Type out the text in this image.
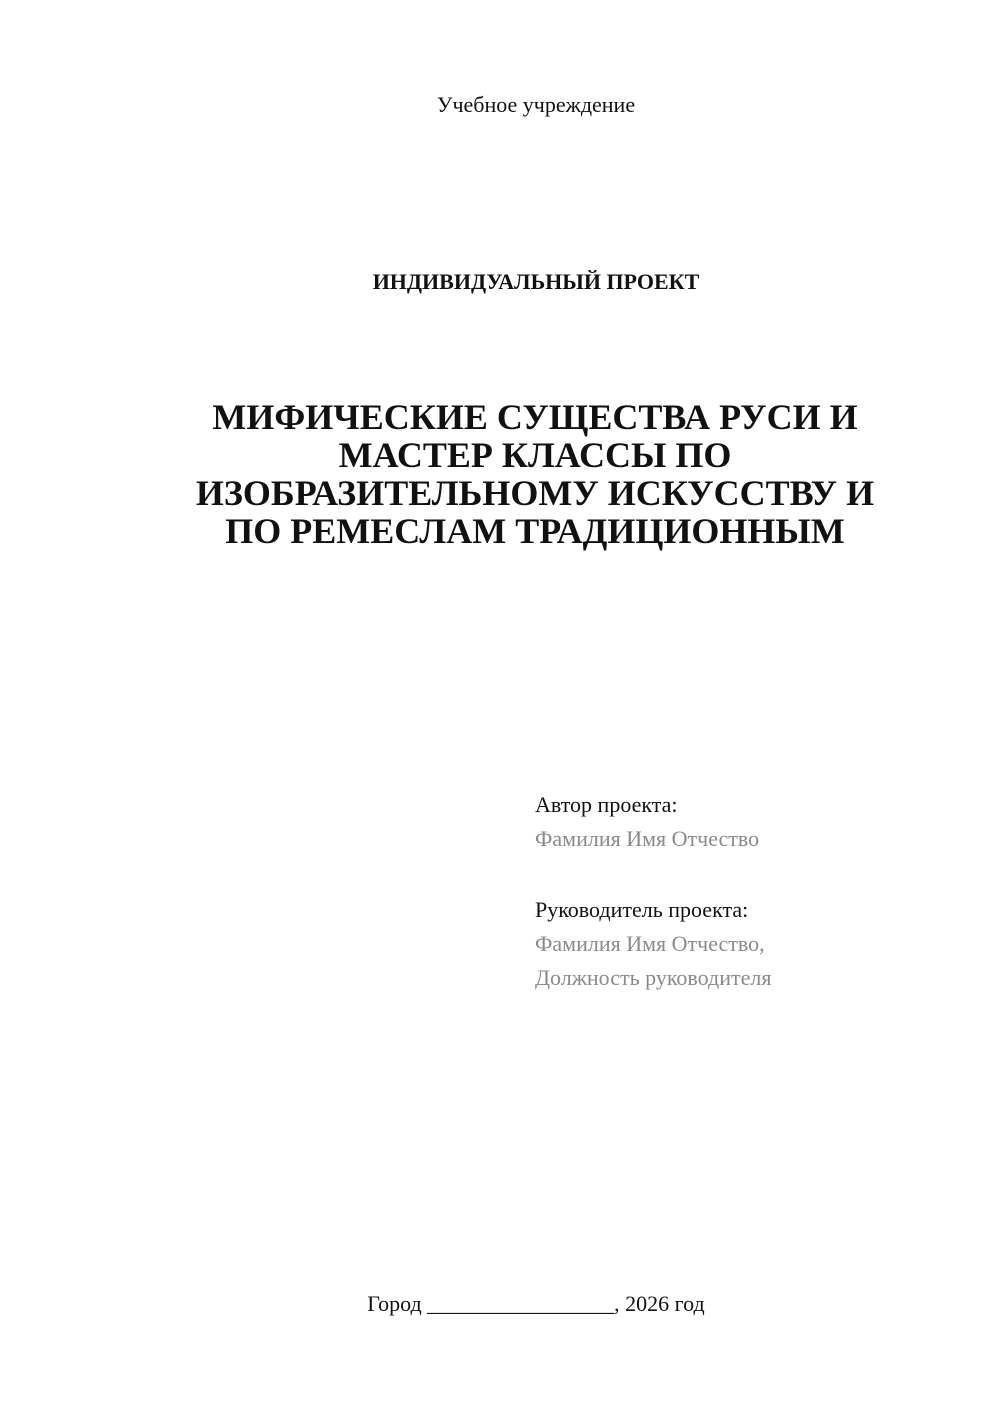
Учебное учреждение
ИНДИВИДУАЛЬНЫЙ ПРОЕКТ
МИФИЧЕСКИЕ СУЩЕСТВА РУСИ И
МАСТЕР КЛАССЫ ПО
ИЗОБРАЗИТЕЛЬНОМУ ИСКУССТВУ И
ПО РЕМЕСЛАМ ТРАДИЦИОННЫМ
Автор проекта:
Фамилия Имя Отчество
Руководитель проекта:
Фамилия Имя Отчество,
Должность руководителя
Город _________________, 2026 год
